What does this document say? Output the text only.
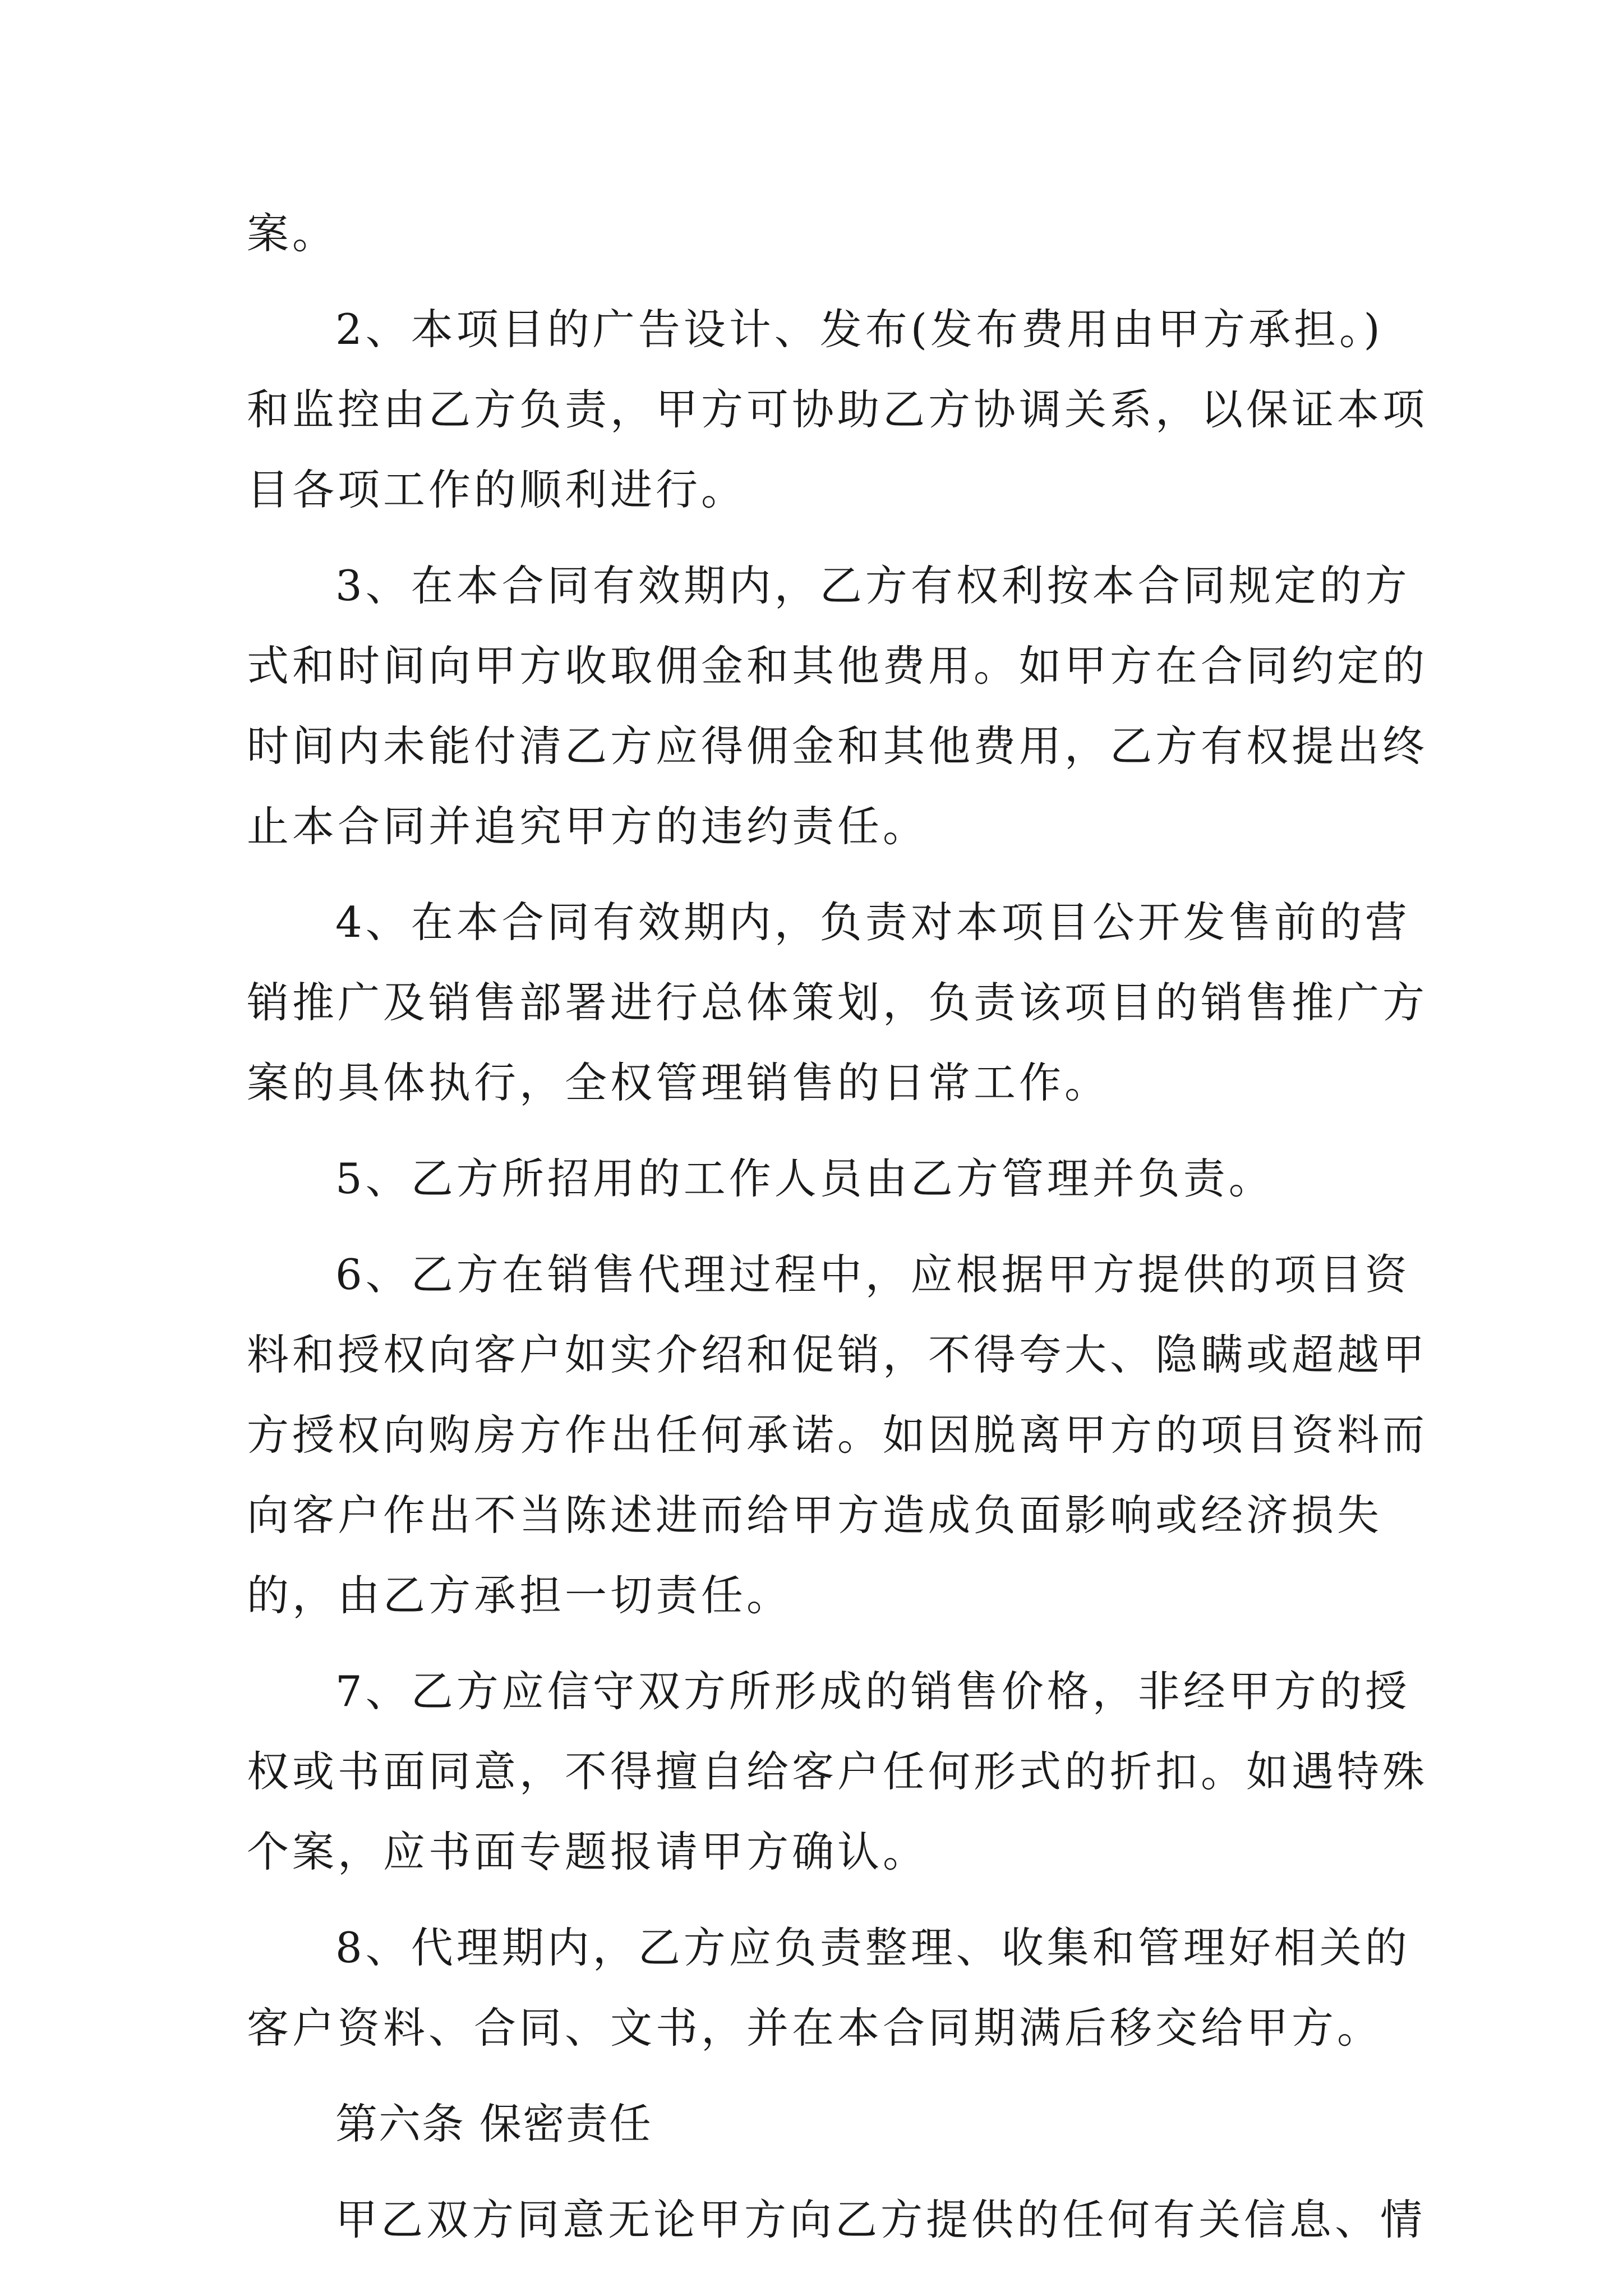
案。
2、本项目的广告设计、发布(发布费用由甲方承担。)
和监控由乙方负责，甲方可协助乙方协调关系，以保证本项
目各项工作的顺利进行。
3、在本合同有效期内，乙方有权利按本合同规定的方
式和时间向甲方收取佣金和其他费用。如甲方在合同约定的
时间内未能付清乙方应得佣金和其他费用，乙方有权提出终
止本合同并追究甲方的违约责任。
4、在本合同有效期内，负责对本项目公开发售前的营
销推广及销售部署进行总体策划，负责该项目的销售推广方
案的具体执行，全权管理销售的日常工作。
5、乙方所招用的工作人员由乙方管理并负责。
6、乙方在销售代理过程中，应根据甲方提供的项目资
料和授权向客户如实介绍和促销，不得夸大、隐瞒或超越甲
方授权向购房方作出任何承诺。如因脱离甲方的项目资料而
向客户作出不当陈述进而给甲方造成负面影响或经济损失
的，由乙方承担一切责任。
7、乙方应信守双方所形成的销售价格，非经甲方的授
权或书面同意，不得擅自给客户任何形式的折扣。如遇特殊
个案，应书面专题报请甲方确认。
8、代理期内，乙方应负责整理、收集和管理好相关的
客户资料、合同、文书，并在本合同期满后移交给甲方。
第六条 保密责任
甲乙双方同意无论甲方向乙方提供的任何有关信息、情
